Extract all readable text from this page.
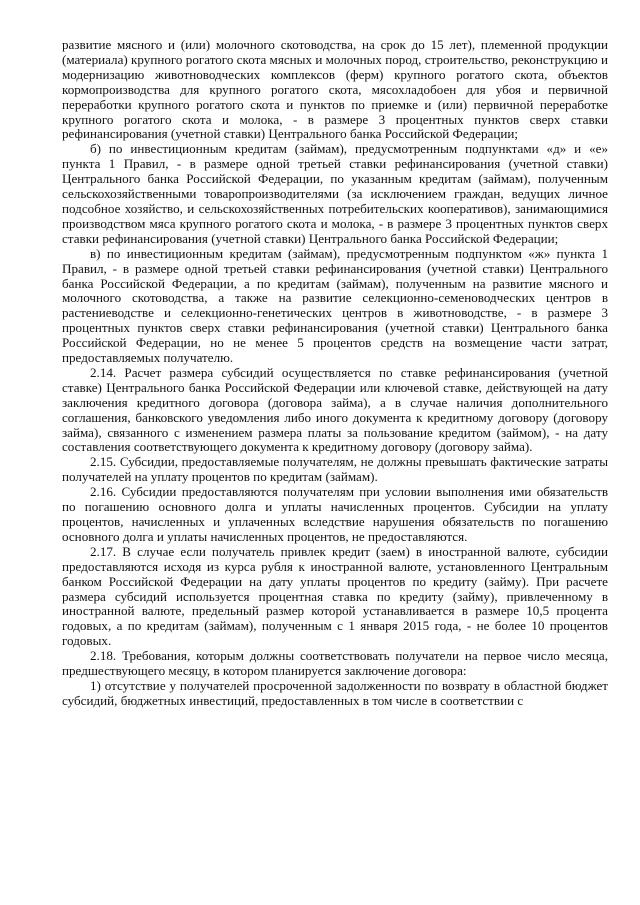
развитие мясного и (или) молочного скотоводства, на срок до 15 лет), племенной продукции (материала) крупного рогатого скота мясных и молочных пород, строительство, реконструкцию и модернизацию животноводческих комплексов (ферм) крупного рогатого скота, объектов кормопроизводства для крупного рогатого скота, мясохладобоен для убоя и первичной переработки крупного рогатого скота и пунктов по приемке и (или) первичной переработке крупного рогатого скота и молока, - в размере 3 процентных пунктов сверх ставки рефинансирования (учетной ставки) Центрального банка Российской Федерации;

б) по инвестиционным кредитам (займам), предусмотренным подпунктами «д» и «е» пункта 1 Правил, - в размере одной третьей ставки рефинансирования (учетной ставки) Центрального банка Российской Федерации, по указанным кредитам (займам), полученным сельскохозяйственными товаропроизводителями (за исключением граждан, ведущих личное подсобное хозяйство, и сельскохозяйственных потребительских кооперативов), занимающимися производством мяса крупного рогатого скота и молока, - в размере 3 процентных пунктов сверх ставки рефинансирования (учетной ставки) Центрального банка Российской Федерации;

в) по инвестиционным кредитам (займам), предусмотренным подпунктом «ж» пункта 1 Правил, - в размере одной третьей ставки рефинансирования (учетной ставки) Центрального банка Российской Федерации, а по кредитам (займам), полученным на развитие мясного и молочного скотоводства, а также на развитие селекционно-семеноводческих центров в растениеводстве и селекционно-генетических центров в животноводстве, - в размере 3 процентных пунктов сверх ставки рефинансирования (учетной ставки) Центрального банка Российской Федерации, но не менее 5 процентов средств на возмещение части затрат, предоставляемых получателю.

2.14. Расчет размера субсидий осуществляется по ставке рефинансирования (учетной ставке) Центрального банка Российской Федерации или ключевой ставке, действующей на дату заключения кредитного договора (договора займа), а в случае наличия дополнительного соглашения, банковского уведомления либо иного документа к кредитному договору (договору займа), связанного с изменением размера платы за пользование кредитом (займом), - на дату составления соответствующего документа к кредитному договору (договору займа).

2.15. Субсидии, предоставляемые получателям, не должны превышать фактические затраты получателей на уплату процентов по кредитам (займам).

2.16. Субсидии предоставляются получателям при условии выполнения ими обязательств по погашению основного долга и уплаты начисленных процентов. Субсидии на уплату процентов, начисленных и уплаченных вследствие нарушения обязательств по погашению основного долга и уплаты начисленных процентов, не предоставляются.

2.17. В случае если получатель привлек кредит (заем) в иностранной валюте, субсидии предоставляются исходя из курса рубля к иностранной валюте, установленного Центральным банком Российской Федерации на дату уплаты процентов по кредиту (займу). При расчете размера субсидий используется процентная ставка по кредиту (займу), привлеченному в иностранной валюте, предельный размер которой устанавливается в размере 10,5 процента годовых, а по кредитам (займам), полученным с 1 января 2015 года, - не более 10 процентов годовых.

2.18. Требования, которым должны соответствовать получатели на первое число месяца, предшествующего месяцу, в котором планируется заключение договора:

1) отсутствие у получателей просроченной задолженности по возврату в областной бюджет субсидий, бюджетных инвестиций, предоставленных в том числе в соответствии с
